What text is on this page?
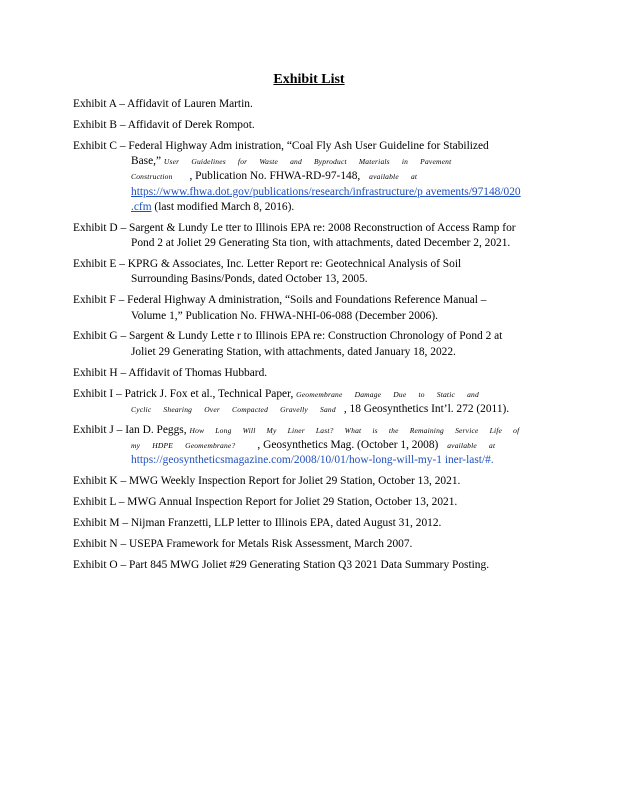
Exhibit List
Exhibit A – Affidavit of Lauren Martin.
Exhibit B – Affidavit of Derek Rompot.
Exhibit C – Federal Highway Adm inistration, “Coal Fly Ash User Guideline for Stabilized
Base,” User Guidelines for Waste and Byproduct Materials in Pavement
Construction , Publication No. FHWA-RD-97-148, available at
https://www.fhwa.dot.gov/publications/research/infrastructure/p avements/97148/020
.cfm (last modified March 8, 2016).
Exhibit D – Sargent & Lundy Le tter to Illinois EPA re: 2008 Reconstruction of Access Ramp for
Pond 2 at Joliet 29 Generating Sta tion, with attachments, dated December 2, 2021.
Exhibit E – KPRG & Associates, Inc. Letter Report re: Geotechnical Analysis of Soil
Surrounding Basins/Ponds, dated October 13, 2005.
Exhibit F – Federal Highway A dministration, “Soils and Foundations Reference Manual –
Volume 1,” Publication No. FHWA-NHI-06-088 (December 2006).
Exhibit G – Sargent & Lundy Lette r to Illinois EPA re: Construction Chronology of Pond 2 at
Joliet 29 Generating Station, with attachments, dated January 18, 2022.
Exhibit H – Affidavit of Thomas Hubbard.
Exhibit I – Patrick J. Fox et al., Technical Paper, Geomembrane Damage Due to Static and
Cyclic Shearing Over Compacted Gravelly Sand , 18 Geosynthetics Int’l. 272 (2011).
Exhibit J – Ian D. Peggs, How Long Will My Liner Last? What is the Remaining Service Life of
my HDPE Geomembrane? , Geosynthetics Mag. (October 1, 2008) available at
https://geosyntheticsmagazine.com/2008/10/01/how-long-will-my-1 iner-last/#.
Exhibit K – MWG Weekly Inspection Report for Joliet 29 Station, October 13, 2021.
Exhibit L – MWG Annual Inspection Report for Joliet 29 Station, October 13, 2021.
Exhibit M – Nijman Franzetti, LLP letter to Illinois EPA, dated August 31, 2012.
Exhibit N – USEPA Framework for Metals Risk Assessment, March 2007.
Exhibit O – Part 845 MWG Joliet #29 Generating Station Q3 2021 Data Summary Posting.
